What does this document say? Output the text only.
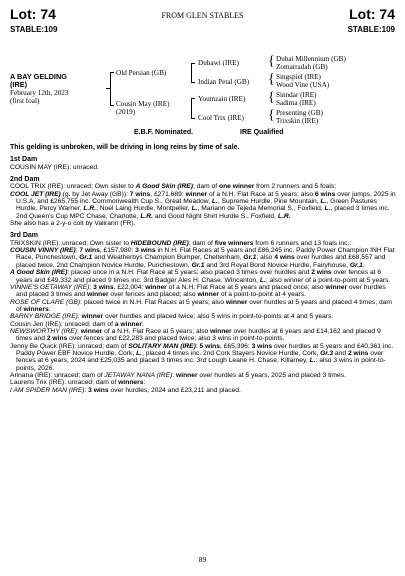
Lot: 74	FROM GLEN STABLES	Lot: 74
STABLE:109	STABLE:109
A BAY GELDING
(IRE)
February 12th, 2023
(first foal)
Old Persian (GB)
Cousin May (IRE)
(2019)
Dubawi (IRE)
Indian Petal (GB)
Youmzain (IRE)
Cool Trix (IRE)
{ Dubai Millennium (GB)
Zomarradah (GB)
{ Singspiel (IRE)
Wood Vine (USA)
{ Sinndar (IRE)
Sadima (IRE)
{ Presenting (GB)
Trixskin (IRE)
E.B.F. Nominated.	IRE Qualified

This gelding is unbroken, will be driving in long reins by time of sale.

1st Dam

COUSIN MAY (IRE): unraced.

2nd Dam

COOL TRIX (IRE): unraced; Own sister to A Good Skin (IRE); dam of one winner from 2 runners and 5 foals;

COOL JET (IRE) (g. by Jet Away (GB)): 7 wins, £271,689: winner of a N.H. Flat Race at 5 years; also 6 wins over jumps, 2025 in U.S.A. and £265,755 inc. Commonwealth Cup S., Great Meadow, L., Supreme Hurdle, Pine Mountain, L., Green Pastures Hurdle, Percy Warner, L.R., Noel Laing Hurdle, Montpelier, L., Mariann de Tejeda Memorial S., Foxfield, L., placed 3 times inc. 2nd Queen's Cup MPC Chase, Charlotte, L.R. and Good Night Shirt Hurdle S., Foxfield, L.R.

She also has a 2-y-o colt by Valirann (FR).

3rd Dam

TRIXSKIN (IRE): unraced; Own sister to HIDEBOUND (IRE); dam of five winners from 6 runners and 13 foals inc.:

COUSIN VINNY (IRE): 7 wins, £157,980: 3 wins in N.H. Flat Races at 5 years and £86,245 inc. Paddy Power Champion INH Flat Race, Punchestown, Gr.1 and Weatherbys Champion Bumper, Cheltenham, Gr.1; also 4 wins over hurdles and £68,557 and placed twice, 2nd Champion Novice Hurdle, Punchestown, Gr.1 and 3rd Royal Bond Novice Hurdle, Fairyhouse, Gr.1.

A Good Skin (IRE): placed once in a N.H. Flat Race at 5 years; also placed 3 times over hurdles and 2 wins over fences at 6 years and £49,332 and placed 9 times inc. 3rd Badger Ales H. Chase, Wincanton, L.; also winner of a point-to-point at 5 years.

VINNIE'S GETAWAY (IRE): 3 wins, £22,004: winner of a N.H. Flat Race at 5 years and placed once; also winner over hurdles and placed 3 times and winner over fences and placed; also winner of a point-to-point at 4 years.

ROSE OF CLARE (GB): placed twice in N.H. Flat Races at 5 years; also winner over hurdles at 5 years and placed 4 times; dam of winners:

BARNY BRIDGE (IRE): winner over hurdles and placed twice; also 5 wins in point-to-points at 4 and 5 years.

Cousin Jen (IRE): unraced; dam of a winner:

NEWSWORTHY (IRE): winner of a N.H. Flat Race at 5 years; also winner over hurdles at 6 years and £14,162 and placed 9 times and 2 wins over fences and £22,283 and placed twice; also 3 wins in point-to-points.

Jenny Be Quick (IRE): unraced; dam of SOLITARY MAN (IRE): 5 wins, £65,396: 3 wins over hurdles at 5 years and £40,361 inc. Paddy Power EBF Novice Hurdle, Cork, L., placed 4 times inc. 2nd Cork Stayers Novice Hurdle, Cork, Gr.3 and 2 wins over fences at 6 years, 2024 and £25,035 and placed 3 times inc. 3rd Lough Leane H. Chase, Killarney, L.; also 3 wins in point-to-points, 2026.

Arinana (IRE): unraced; dam of JETAWAY NANA (IRE): winner over hurdles at 5 years, 2025 and placed 3 times.

Laurens Trix (IRE): unraced; dam of winners:

I AM SPIDER MAN (IRE): 3 wins over hurdles, 2024 and £23,211 and placed.

89
